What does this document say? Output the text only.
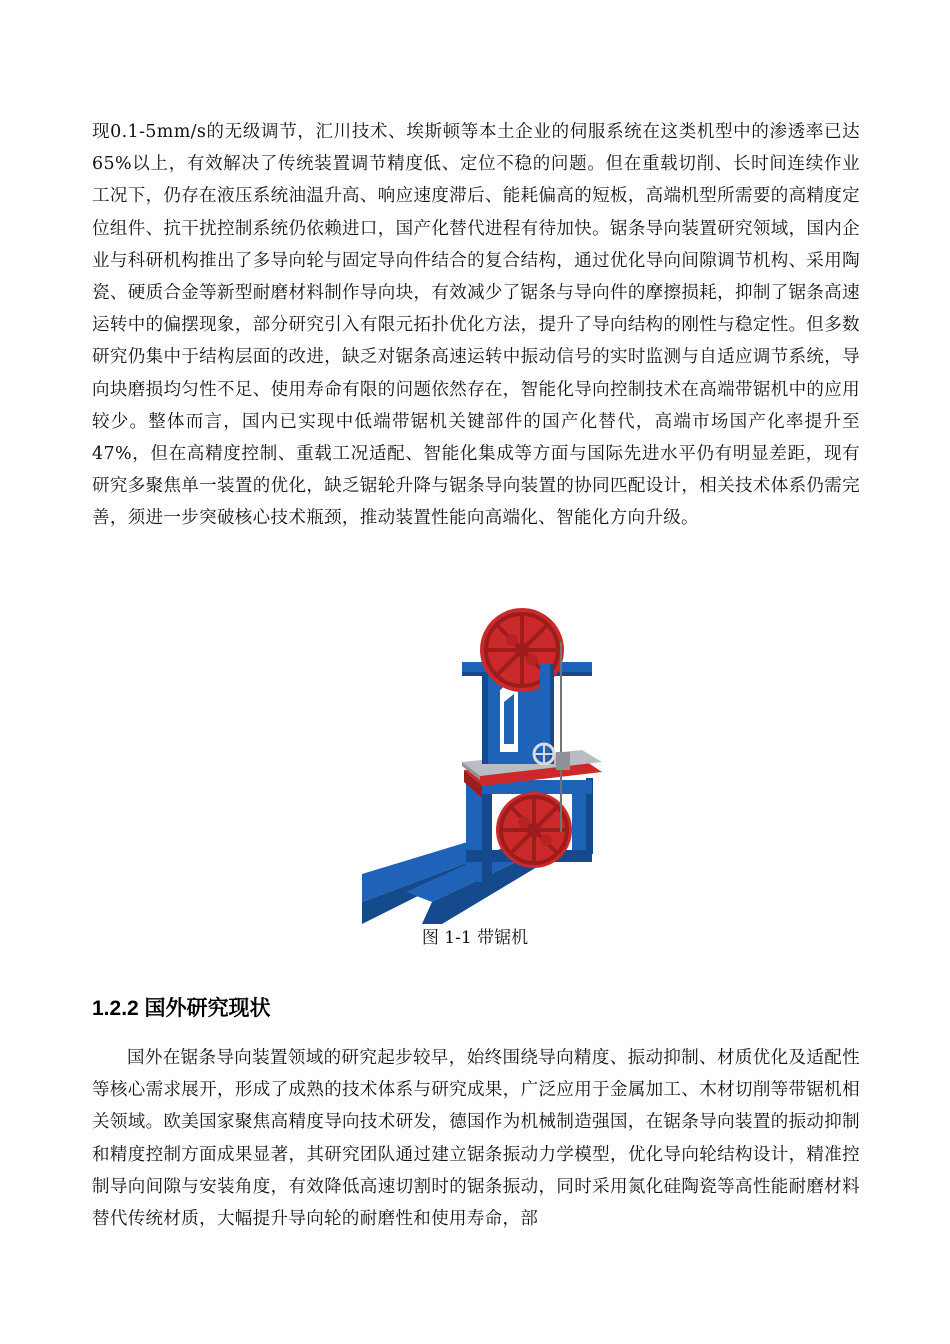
现0.1-5mm/s的无级调节，汇川技术、埃斯顿等本土企业的伺服系统在这类机型中的渗透率已达65%以上，有效解决了传统装置调节精度低、定位不稳的问题。但在重载切削、长时间连续作业工况下，仍存在液压系统油温升高、响应速度滞后、能耗偏高的短板，高端机型所需要的高精度定位组件、抗干扰控制系统仍依赖进口，国产化替代进程有待加快。锯条导向装置研究领域，国内企业与科研机构推出了多导向轮与固定导向件结合的复合结构，通过优化导向间隙调节机构、采用陶瓷、硬质合金等新型耐磨材料制作导向块，有效减少了锯条与导向件的摩擦损耗，抑制了锯条高速运转中的偏摆现象，部分研究引入有限元拓扑优化方法，提升了导向结构的刚性与稳定性。但多数研究仍集中于结构层面的改进，缺乏对锯条高速运转中振动信号的实时监测与自适应调节系统，导向块磨损均匀性不足、使用寿命有限的问题依然存在，智能化导向控制技术在高端带锯机中的应用较少。整体而言，国内已实现中低端带锯机关键部件的国产化替代，高端市场国产化率提升至47%，但在高精度控制、重载工况适配、智能化集成等方面与国际先进水平仍有明显差距，现有研究多聚焦单一装置的优化，缺乏锯轮升降与锯条导向装置的协同匹配设计，相关技术体系仍需完善，须进一步突破核心技术瓶颈，推动装置性能向高端化、智能化方向升级。

图 1-1 带锯机
1.2.2 国外研究现状

国外在锯条导向装置领域的研究起步较早，始终围绕导向精度、振动抑制、材质优化及适配性等核心需求展开，形成了成熟的技术体系与研究成果，广泛应用于金属加工、木材切削等带锯机相关领域。欧美国家聚焦高精度导向技术研发，德国作为机械制造强国，在锯条导向装置的振动抑制和精度控制方面成果显著，其研究团队通过建立锯条振动力学模型，优化导向轮结构设计，精准控制导向间隙与安装角度，有效降低高速切割时的锯条振动，同时采用氮化硅陶瓷等高性能耐磨材料替代传统材质，大幅提升导向轮的耐磨性和使用寿命，部
